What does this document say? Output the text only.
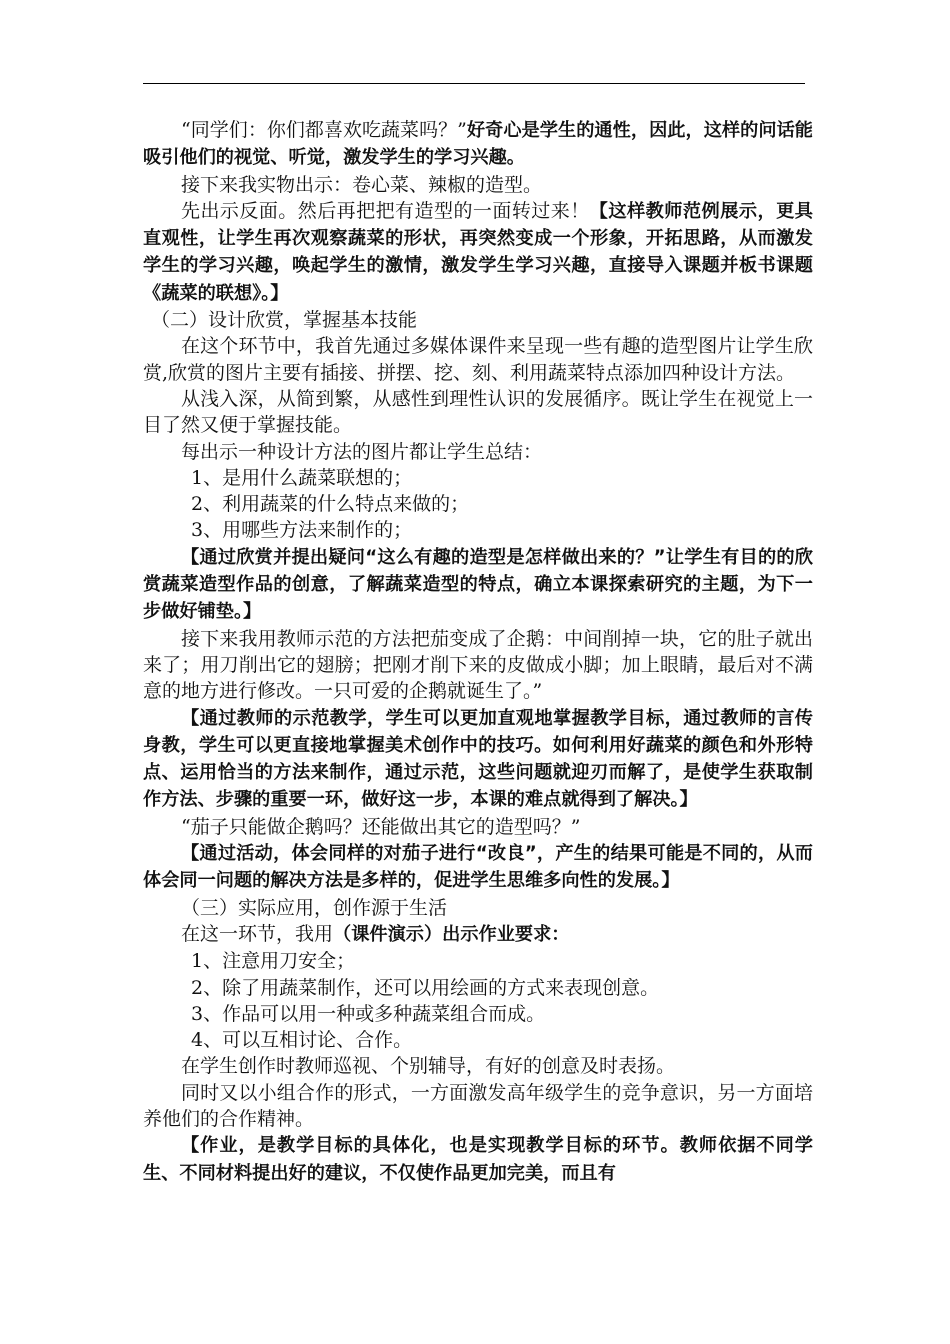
“同学们：你们都喜欢吃蔬菜吗？”好奇心是学生的通性，因此，这样的问话能吸引他们的视觉、听觉，激发学生的学习兴趣。

接下来我实物出示：卷心菜、辣椒的造型。

先出示反面。然后再把把有造型的一面转过来！【这样教师范例展示，更具直观性，让学生再次观察蔬菜的形状，再突然变成一个形象，开拓思路，从而激发学生的学习兴趣，唤起学生的激情，激发学生学习兴趣，直接导入课题并板书课题《蔬菜的联想》。】

（二）设计欣赏，掌握基本技能

在这个环节中，我首先通过多媒体课件来呈现一些有趣的造型图片让学生欣赏,欣赏的图片主要有插接、拼摆、挖、刻、利用蔬菜特点添加四种设计方法。

从浅入深，从简到繁，从感性到理性认识的发展循序。既让学生在视觉上一目了然又便于掌握技能。

每出示一种设计方法的图片都让学生总结：

1、是用什么蔬菜联想的；

2、利用蔬菜的什么特点来做的；

3、用哪些方法来制作的；

【通过欣赏并提出疑问“这么有趣的造型是怎样做出来的？”让学生有目的的欣赏蔬菜造型作品的创意，了解蔬菜造型的特点，确立本课探索研究的主题，为下一步做好铺垫。】

接下来我用教师示范的方法把茄变成了企鹅：中间削掉一块，它的肚子就出来了；用刀削出它的翅膀；把刚才削下来的皮做成小脚；加上眼睛，最后对不满意的地方进行修改。一只可爱的企鹅就诞生了。”

【通过教师的示范教学，学生可以更加直观地掌握教学目标，通过教师的言传身教，学生可以更直接地掌握美术创作中的技巧。如何利用好蔬菜的颜色和外形特点、运用恰当的方法来制作，通过示范，这些问题就迎刃而解了，是使学生获取制作方法、步骤的重要一环，做好这一步，本课的难点就得到了解决。】

“茄子只能做企鹅吗？还能做出其它的造型吗？”

【通过活动，体会同样的对茄子进行“改良”，产生的结果可能是不同的，从而体会同一问题的解决方法是多样的，促进学生思维多向性的发展。】

（三）实际应用，创作源于生活

在这一环节，我用（课件演示）出示作业要求：

1、注意用刀安全；

2、除了用蔬菜制作，还可以用绘画的方式来表现创意。

3、作品可以用一种或多种蔬菜组合而成。

4、可以互相讨论、合作。

在学生创作时教师巡视、个别辅导，有好的创意及时表扬。

同时又以小组合作的形式，一方面激发高年级学生的竞争意识，另一方面培养他们的合作精神。

【作业，是教学目标的具体化，也是实现教学目标的环节。教师依据不同学生、不同材料提出好的建议，不仅使作品更加完美，而且有
